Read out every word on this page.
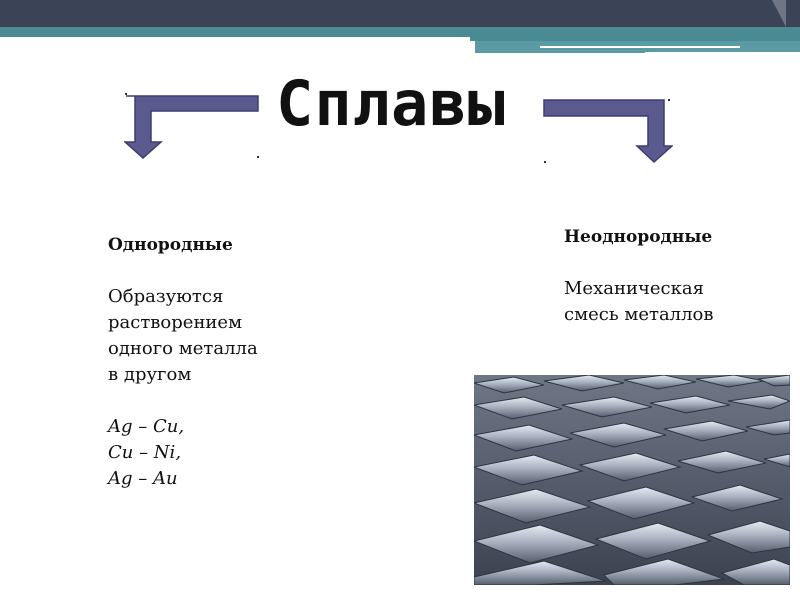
Сплавы
Однородные
Образуются растворением одного металла в другом
Ag – Cu,
Cu – Ni,
Ag – Au
Неоднородные
Механическая смесь металлов
